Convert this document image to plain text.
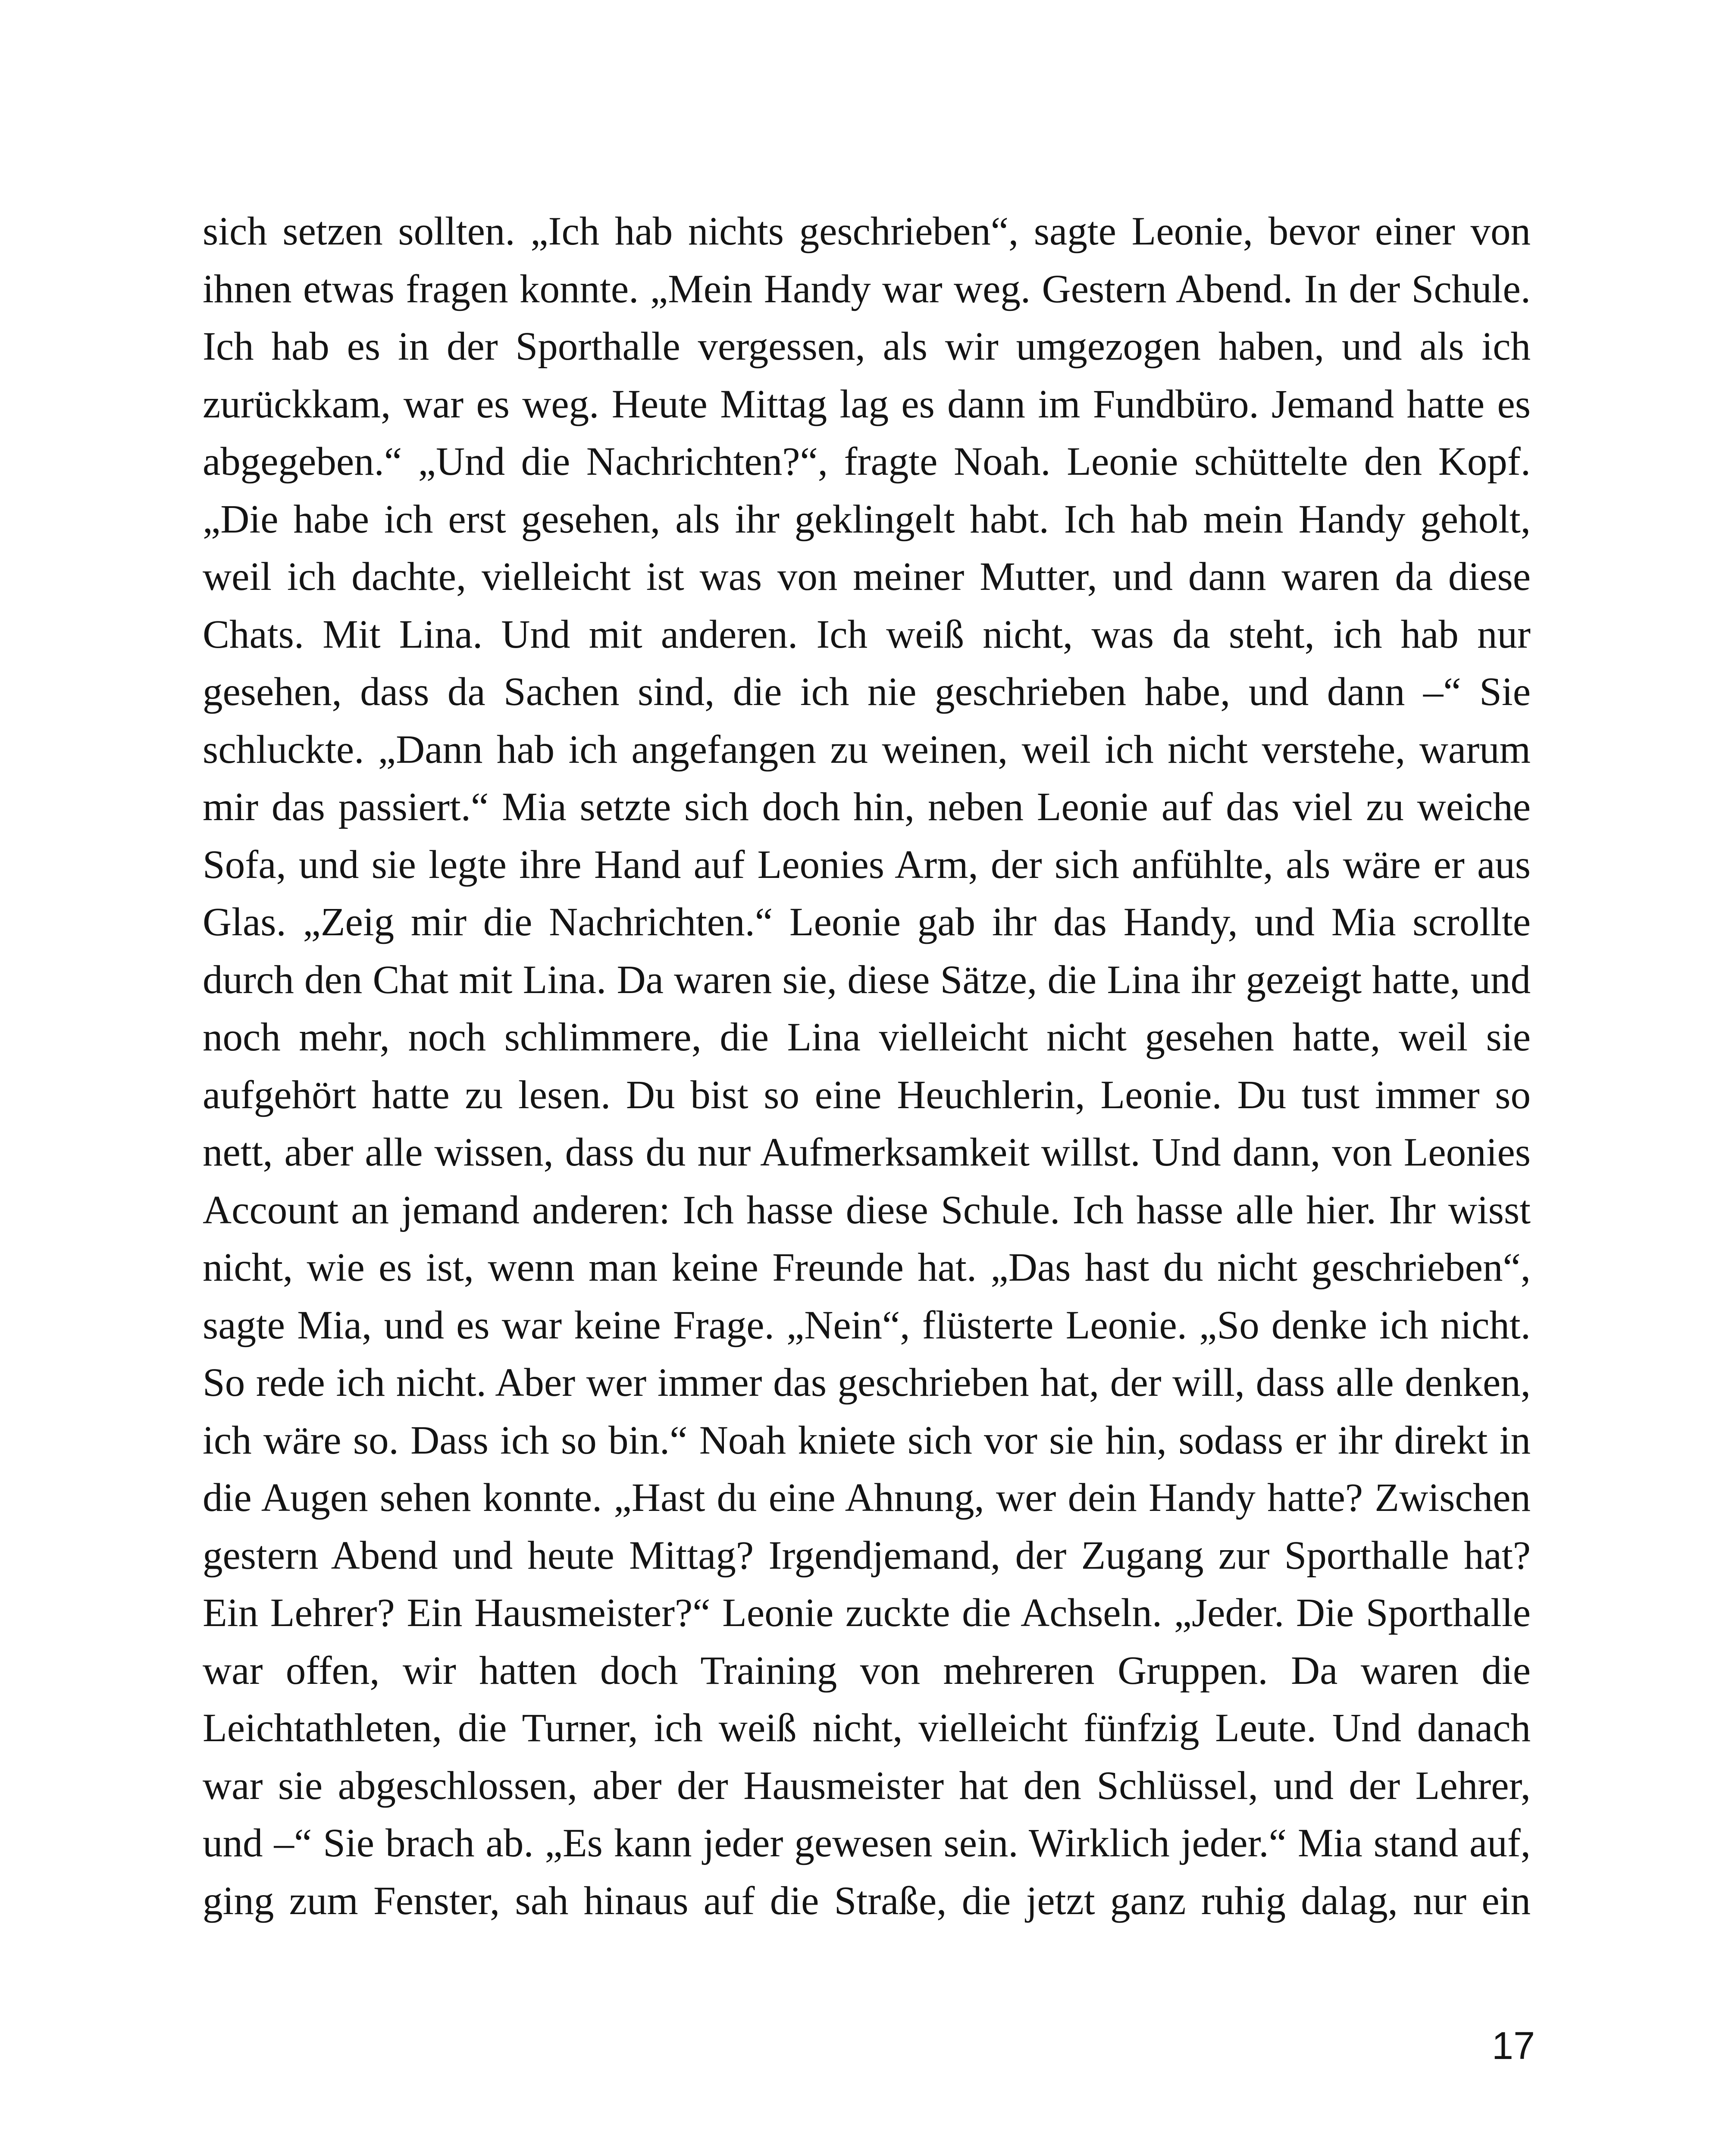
sich setzen sollten. „Ich hab nichts geschrieben“, sagte Leonie, bevor einer von
ihnen etwas fragen konnte. „Mein Handy war weg. Gestern Abend. In der Schule.
Ich hab es in der Sporthalle vergessen, als wir umgezogen haben, und als ich
zurückkam, war es weg. Heute Mittag lag es dann im Fundbüro. Jemand hatte es
abgegeben.“ „Und die Nachrichten?“, fragte Noah. Leonie schüttelte den Kopf.
„Die habe ich erst gesehen, als ihr geklingelt habt. Ich hab mein Handy geholt,
weil ich dachte, vielleicht ist was von meiner Mutter, und dann waren da diese
Chats. Mit Lina. Und mit anderen. Ich weiß nicht, was da steht, ich hab nur
gesehen, dass da Sachen sind, die ich nie geschrieben habe, und dann –“ Sie
schluckte. „Dann hab ich angefangen zu weinen, weil ich nicht verstehe, warum
mir das passiert.“ Mia setzte sich doch hin, neben Leonie auf das viel zu weiche
Sofa, und sie legte ihre Hand auf Leonies Arm, der sich anfühlte, als wäre er aus
Glas. „Zeig mir die Nachrichten.“ Leonie gab ihr das Handy, und Mia scrollte
durch den Chat mit Lina. Da waren sie, diese Sätze, die Lina ihr gezeigt hatte, und
noch mehr, noch schlimmere, die Lina vielleicht nicht gesehen hatte, weil sie
aufgehört hatte zu lesen. Du bist so eine Heuchlerin, Leonie. Du tust immer so
nett, aber alle wissen, dass du nur Aufmerksamkeit willst. Und dann, von Leonies
Account an jemand anderen: Ich hasse diese Schule. Ich hasse alle hier. Ihr wisst
nicht, wie es ist, wenn man keine Freunde hat. „Das hast du nicht geschrieben“,
sagte Mia, und es war keine Frage. „Nein“, flüsterte Leonie. „So denke ich nicht.
So rede ich nicht. Aber wer immer das geschrieben hat, der will, dass alle denken,
ich wäre so. Dass ich so bin.“ Noah kniete sich vor sie hin, sodass er ihr direkt in
die Augen sehen konnte. „Hast du eine Ahnung, wer dein Handy hatte? Zwischen
gestern Abend und heute Mittag? Irgendjemand, der Zugang zur Sporthalle hat?
Ein Lehrer? Ein Hausmeister?“ Leonie zuckte die Achseln. „Jeder. Die Sporthalle
war offen, wir hatten doch Training von mehreren Gruppen. Da waren die
Leichtathleten, die Turner, ich weiß nicht, vielleicht fünfzig Leute. Und danach
war sie abgeschlossen, aber der Hausmeister hat den Schlüssel, und der Lehrer,
und –“ Sie brach ab. „Es kann jeder gewesen sein. Wirklich jeder.“ Mia stand auf,
ging zum Fenster, sah hinaus auf die Straße, die jetzt ganz ruhig dalag, nur ein
17
